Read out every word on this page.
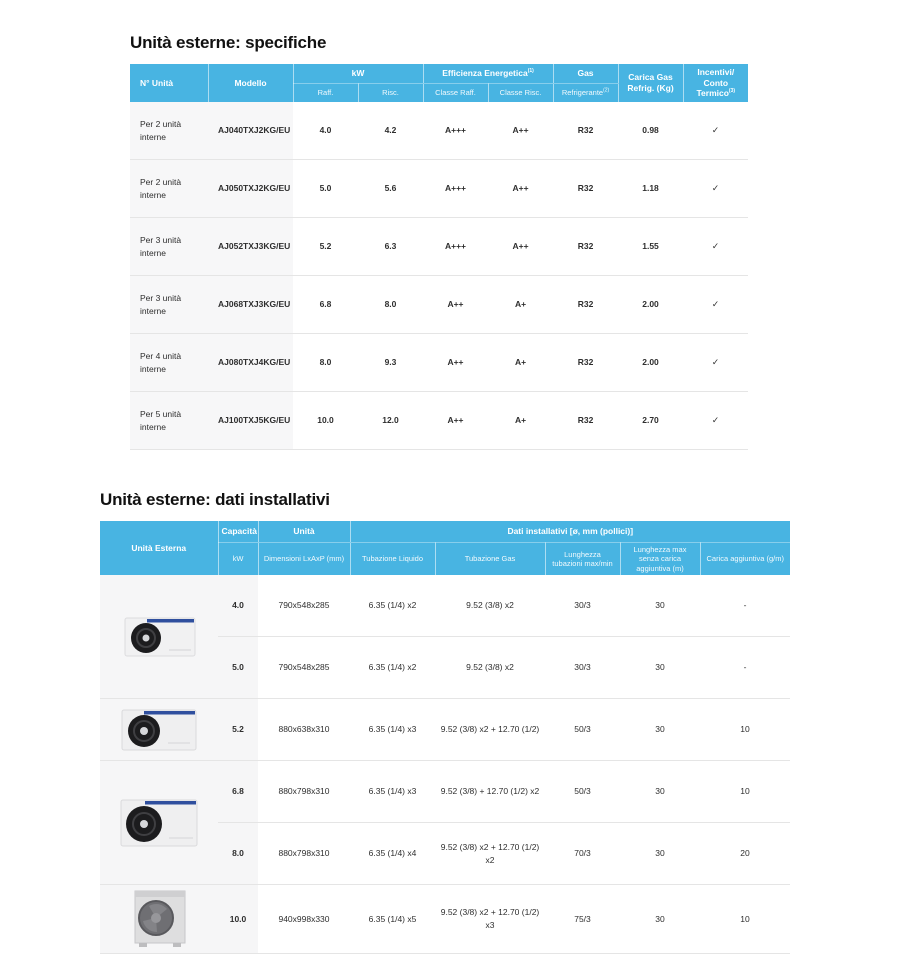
Unità esterne: specifiche
N° Unità	Modello	kW		Efficienza Energetica$^{(1)}$		Gas	Carica Gas Refrig. (Kg)	Incentivi/
Conto Termico$^{(3)}$
		Raff.	Risc.	Classe Raff.	Classe Risc.	Refrigerante$^{(2)}$
Per 2 unità interne	AJ040TXJ2KG/EU	4.0	4.2	A+++	A++	R32	0.98	✓
Per 2 unità interne	AJ050TXJ2KG/EU	5.0	5.6	A+++	A++	R32	1.18	✓
Per 3 unità interne	AJ052TXJ3KG/EU	5.2	6.3	A+++	A++	R32	1.55	✓
Per 3 unità interne	AJ068TXJ3KG/EU	6.8	8.0	A++	A+	R32	2.00	✓
Per 4 unità interne	AJ080TXJ4KG/EU	8.0	9.3	A++	A+	R32	2.00	✓
Per 5 unità interne	AJ100TXJ5KG/EU	10.0	12.0	A++	A+	R32	2.70	✓
Unità esterne: dati installativi
Unità Esterna	Capacità	Unità	Dati installativi [ø, mm (pollici)]				
	kW	Dimensioni LxAxP (mm)	Tubazione Liquido	Tubazione Gas	Lunghezza tubazioni max/min	Lunghezza max senza carica aggiuntiva (m)	Carica aggiuntiva (g/m)

	4.0	790x548x285	6.35 (1/4) x2	9.52 (3/8) x2	30/3	30	-
	5.0	790x548x285	6.35 (1/4) x2	9.52 (3/8) x2	30/3	30	-

	5.2	880x638x310	6.35 (1/4) x3	9.52 (3/8) x2 + 12.70 (1/2)	50/3	30	10

	6.8	880x798x310	6.35 (1/4) x3	9.52 (3/8) + 12.70 (1/2) x2	50/3	30	10
	8.0	880x798x310	6.35 (1/4) x4	9.52 (3/8) x2 + 12.70 (1/2) x2	70/3	30	20

	10.0	940x998x330	6.35 (1/4) x5	9.52 (3/8) x2 + 12.70 (1/2) x3	75/3	30	10
